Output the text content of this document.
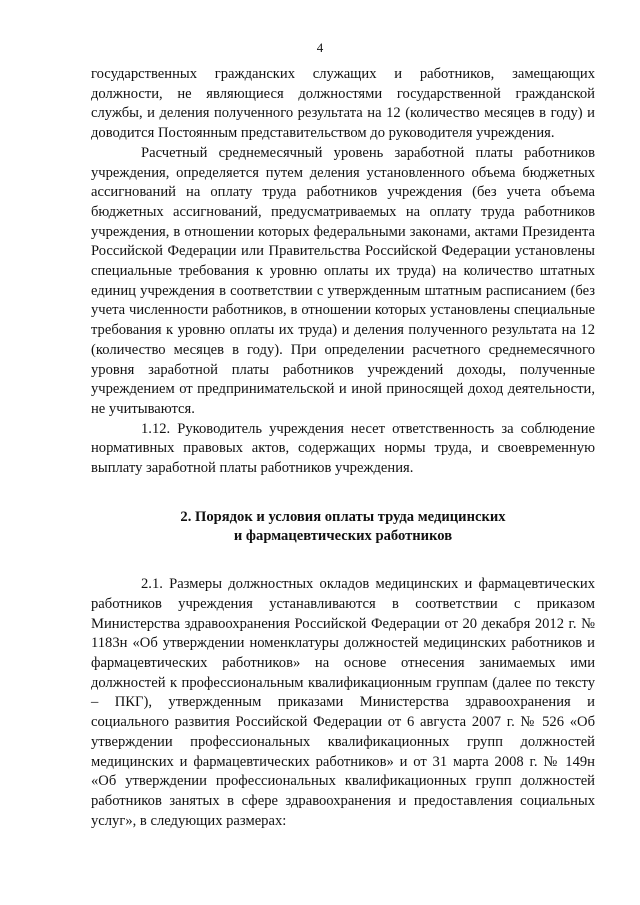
4

государственных гражданских служащих и работников, замещающих должности, не являющиеся должностями государственной гражданской службы, и деления полученного результата на 12 (количество месяцев в году) и доводится Постоянным представительством до руководителя учреждения.

Расчетный среднемесячный уровень заработной платы работников учреждения, определяется путем деления установленного объема бюджетных ассигнований на оплату труда работников учреждения (без учета объема бюджетных ассигнований, предусматриваемых на оплату труда работников учреждения, в отношении которых федеральными законами, актами Президента Российской Федерации или Правительства Российской Федерации установлены специальные требования к уровню оплаты их труда) на количество штатных единиц учреждения в соответствии с утвержденным штатным расписанием (без учета численности работников, в отношении которых установлены специальные требования к уровню оплаты их труда) и деления полученного результата на 12 (количество месяцев в году). При определении расчетного среднемесячного уровня заработной платы работников учреждений доходы, полученные учреждением от предпринимательской и иной приносящей доход деятельности, не учитываются.

1.12. Руководитель учреждения несет ответственность за соблюдение нормативных правовых актов, содержащих нормы труда, и своевременную выплату заработной платы работников учреждения.

2. Порядок и условия оплаты труда медицинских
и фармацевтических работников

2.1. Размеры должностных окладов медицинских и фармацевтических работников учреждения устанавливаются в соответствии с приказом Министерства здравоохранения Российской Федерации от 20 декабря 2012 г. № 1183н «Об утверждении номенклатуры должностей медицинских работников и фармацевтических работников» на основе отнесения занимаемых ими должностей к профессиональным квалификационным группам (далее по тексту – ПКГ), утвержденным приказами Министерства здравоохранения и социального развития Российской Федерации от 6 августа 2007 г. № 526 «Об утверждении профессиональных квалификационных групп должностей медицинских и фармацевтических работников» и от 31 марта 2008 г. № 149н «Об утверждении профессиональных квалификационных групп должностей работников занятых в сфере здравоохранения и предоставления социальных услуг», в следующих размерах:
